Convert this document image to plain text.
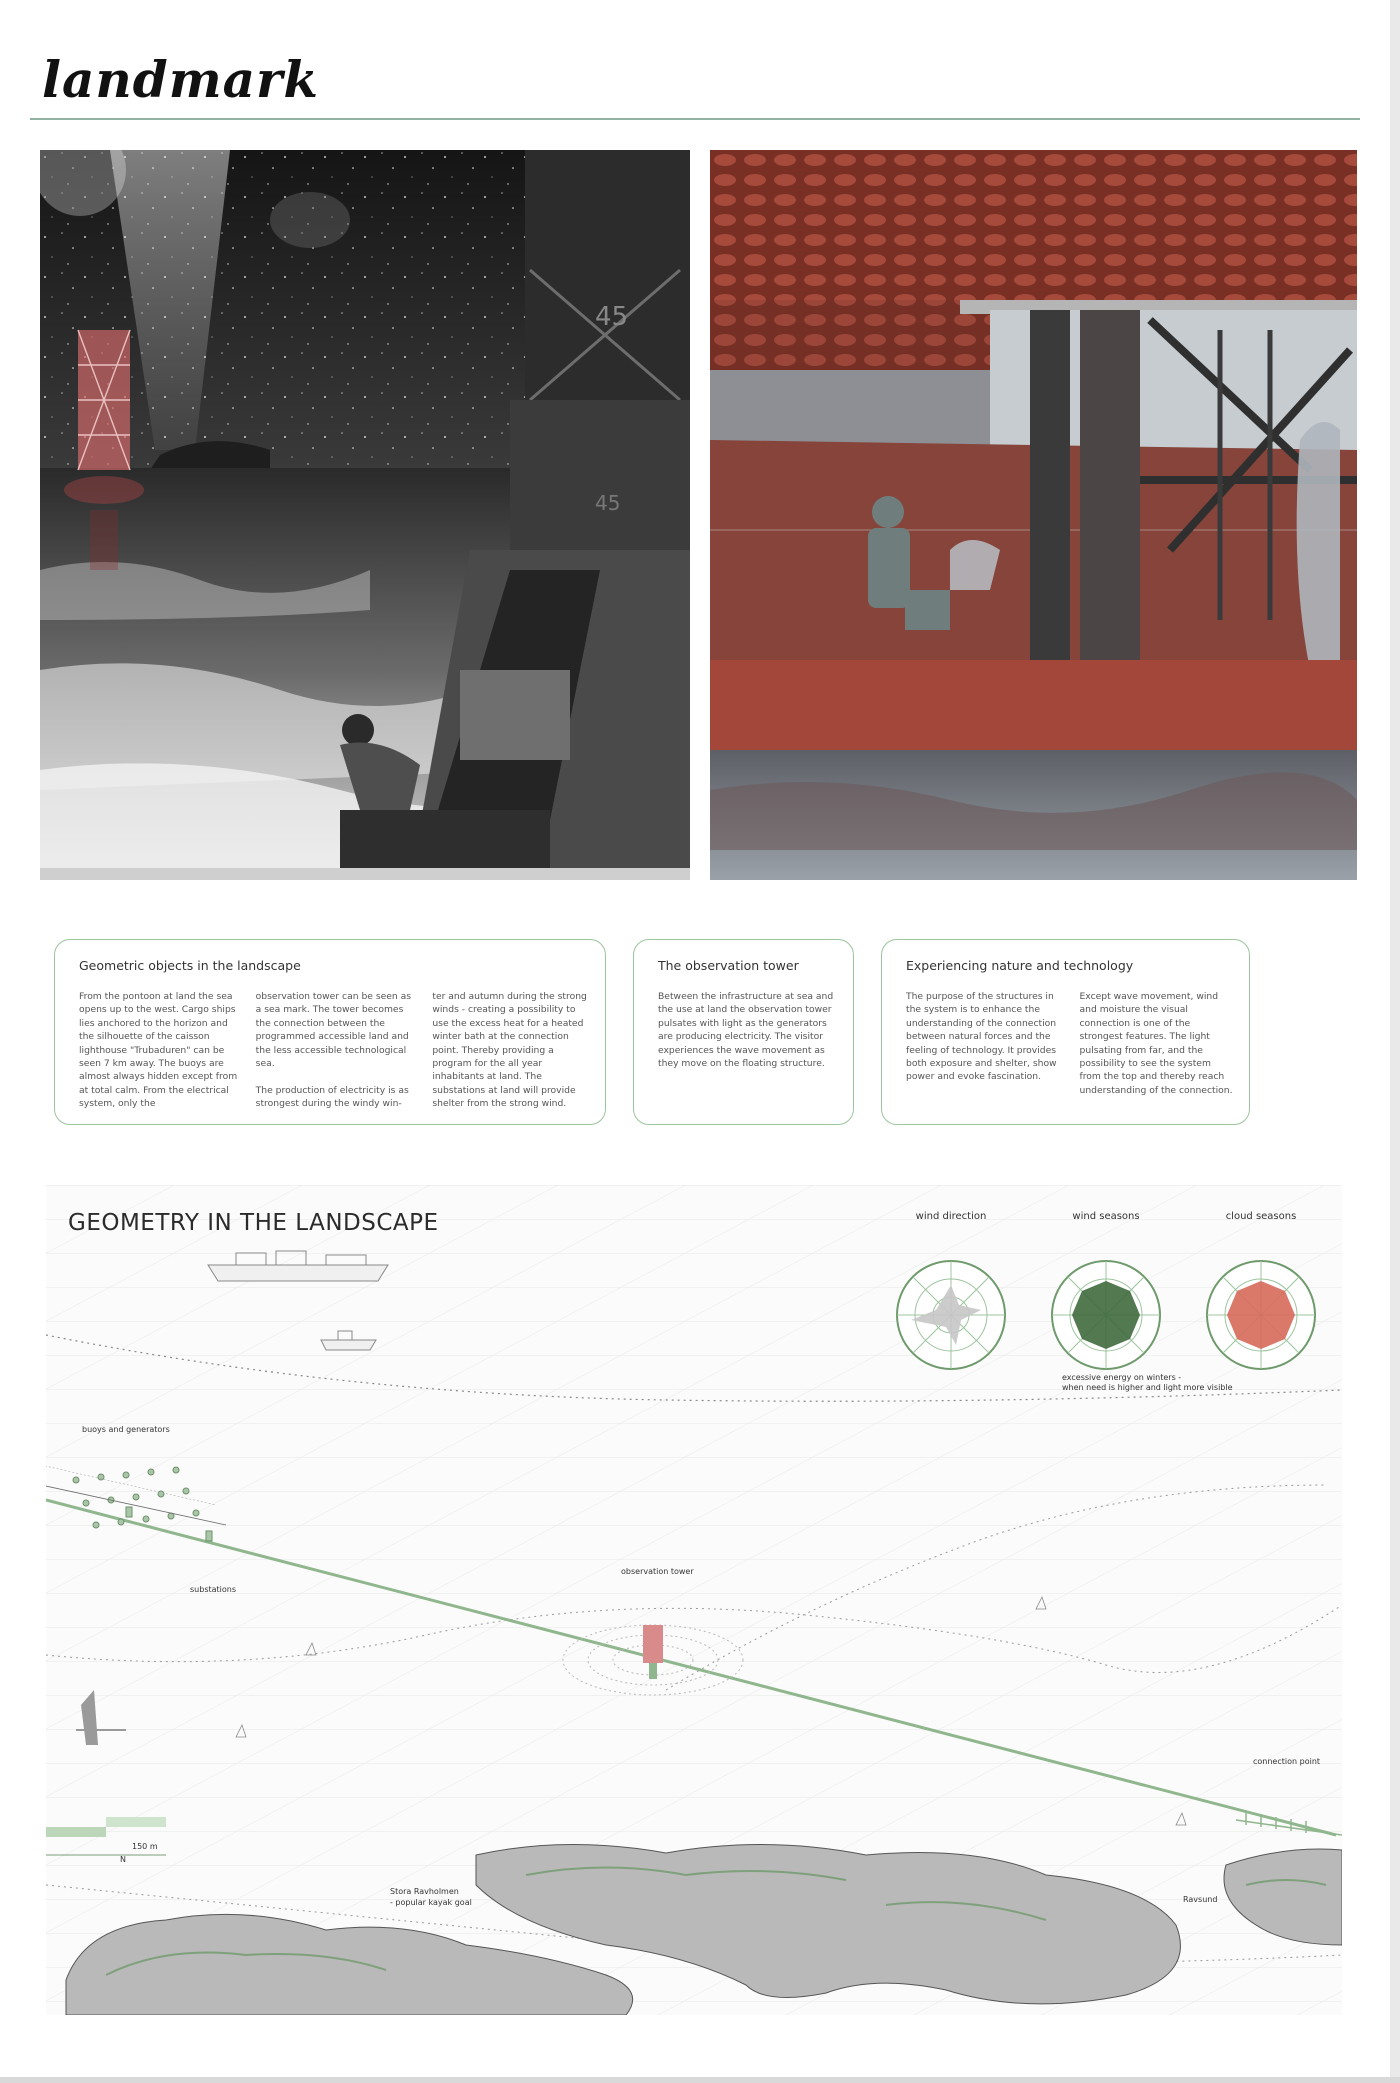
landmark
45
45
Geometric objects in the landscape
From the pontoon at land the sea opens up to the west. Cargo ships lies anchored to the horizon and the silhouette of the caisson lighthouse "Trubaduren" can be seen 7 km away. The buoys are almost always hidden except from at total calm. From the electrical system, only the
observation tower can be seen as a sea mark. The tower becomes the connection between the programmed accessible land and the less accessible technological sea.

The production of electricity is as strongest during the windy win-
ter and autumn during the strong winds - creating a possibility to use the excess heat for a heated winter bath at the connection point. Thereby providing a program for the all year inhabitants at land. The substations at land will provide shelter from the strong wind.
The observation tower
Between the infrastructure at sea and the use at land the observation tower pulsates with light as the generators are producing electricity. The visitor experiences the wave movement as they move on the floating structure.
Experiencing nature and technology
The purpose of the structures in the system is to enhance the understanding of the connection between natural forces and the feeling of technology. It provides both exposure and shelter, show power and evoke fascination.
Except wave movement, wind and moisture the visual connection is one of the strongest features. The light pulsating from far, and the possibility to see the system from the top and thereby reach understanding of the connection.
GEOMETRY IN THE LANDSCAPE	wind direction	wind seasons	cloud seasons
excessive energy on winters -
when need is higher and light more visible
buoys and generators
substations
observation tower
connection point
Stora Ravholmen
- popular kayak goal	Ravsund
150 m
N
